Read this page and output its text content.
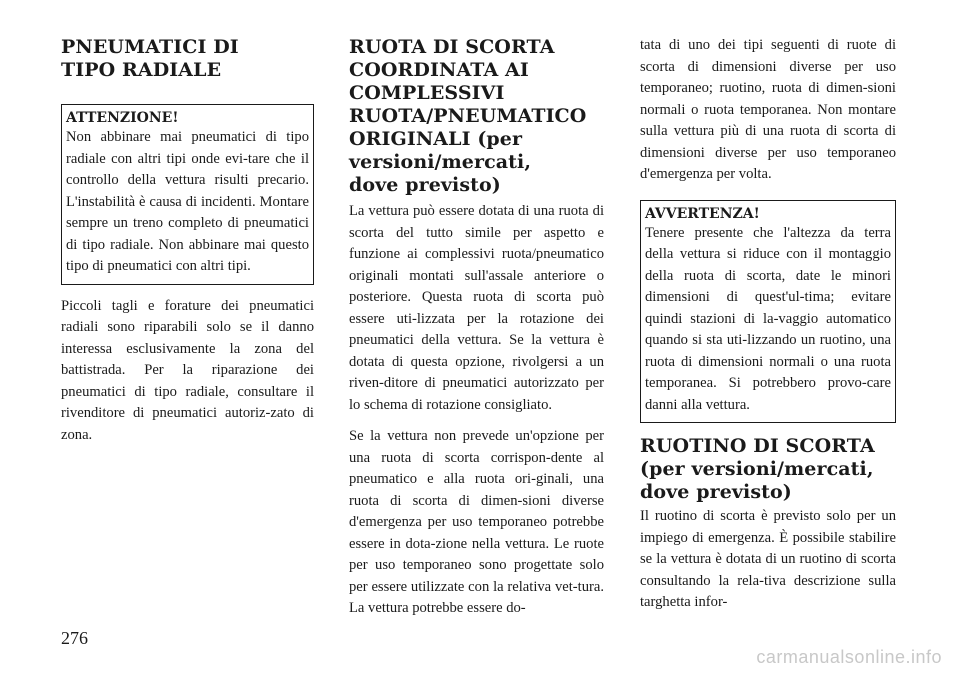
PNEUMATICI DI TIPO RADIALE
ATTENZIONE!

Non abbinare mai pneumatici di tipo radiale con altri tipi onde evi-tare che il controllo della vettura risulti precario. L'instabilità è causa di incidenti. Montare sempre un treno completo di pneumatici di tipo radiale. Non abbinare mai questo tipo di pneumatici con altri tipi.

Piccoli tagli e forature dei pneumatici radiali sono riparabili solo se il danno interessa esclusivamente la zona del battistrada. Per la riparazione dei pneumatici di tipo radiale, consultare il rivenditore di pneumatici autoriz-zato di zona.

RUOTA DI SCORTA COORDINATA AI COMPLESSIVI RUOTA/PNEUMATICO ORIGINALI (per versioni/mercati, dove previsto)

La vettura può essere dotata di una ruota di scorta del tutto simile per aspetto e funzione ai complessivi ruota/pneumatico originali montati sull'assale anteriore o posteriore. Questa ruota di scorta può essere uti-lizzata per la rotazione dei pneumatici della vettura. Se la vettura è dotata di questa opzione, rivolgersi a un riven-ditore di pneumatici autorizzato per lo schema di rotazione consigliato.

Se la vettura non prevede un'opzione per una ruota di scorta corrispon-dente al pneumatico e alla ruota ori-ginali, una ruota di scorta di dimen-sioni diverse d'emergenza per uso temporaneo potrebbe essere in dota-zione nella vettura. Le ruote per uso temporaneo sono progettate solo per essere utilizzate con la relativa vet-tura. La vettura potrebbe essere do-

tata di uno dei tipi seguenti di ruote di scorta di dimensioni diverse per uso temporaneo; ruotino, ruota di dimen-sioni normali o ruota temporanea. Non montare sulla vettura più di una ruota di scorta di dimensioni diverse per uso temporaneo d'emergenza per volta.

AVVERTENZA!

Tenere presente che l'altezza da terra della vettura si riduce con il montaggio della ruota di scorta, date le minori dimensioni di quest'ul-tima; evitare quindi stazioni di la-vaggio automatico quando si sta uti-lizzando un ruotino, una ruota di dimensioni normali o una ruota temporanea. Si potrebbero provo-care danni alla vettura.

RUOTINO DI SCORTA (per versioni/mercati, dove previsto)

Il ruotino di scorta è previsto solo per un impiego di emergenza. È possibile stabilire se la vettura è dotata di un ruotino di scorta consultando la rela-tiva descrizione sulla targhetta infor-

276
carmanualsonline.info
